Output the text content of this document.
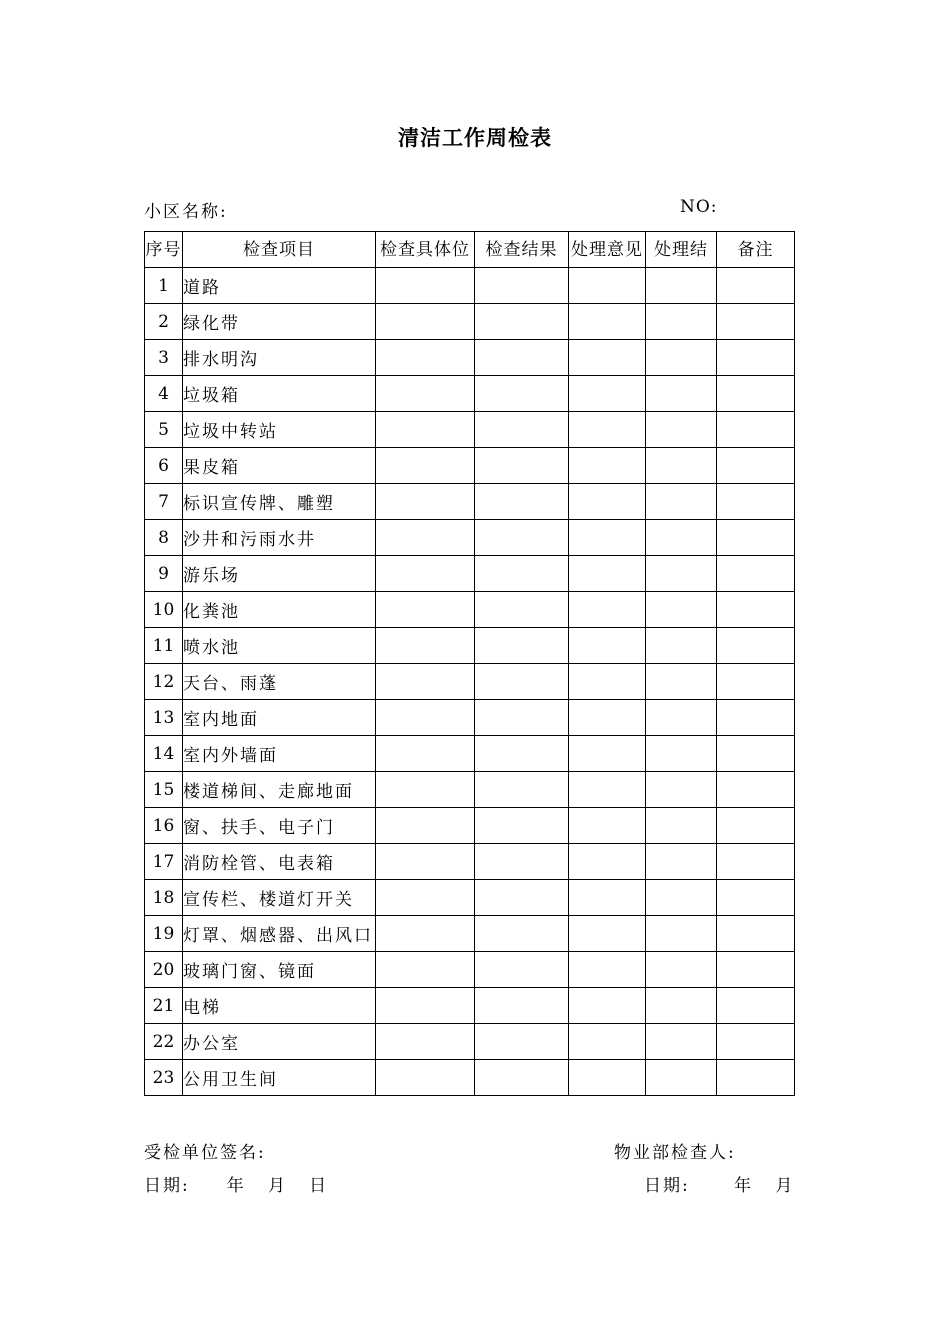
清洁工作周检表
小区名称:	NO:
序号	检查项目	检查具体位	检查结果	处理意见	处理结	备注
1	道路					
2	绿化带					
3	排水明沟					
4	垃圾箱					
5	垃圾中转站					
6	果皮箱					
7	标识宣传牌、雕塑					
8	沙井和污雨水井					
9	游乐场					
10	化粪池					
11	喷水池					
12	天台、雨蓬					
13	室内地面					
14	室内外墙面					
15	楼道梯间、走廊地面					
16	窗、扶手、电子门					
17	消防栓管、电表箱					
18	宣传栏、楼道灯开关					
19	灯罩、烟感器、出风口					
20	玻璃门窗、镜面					
21	电梯					
22	办公室					
23	公用卫生间					
受检单位签名:	物业部检查人:
日期:     年   月   日	日期:      年   月
